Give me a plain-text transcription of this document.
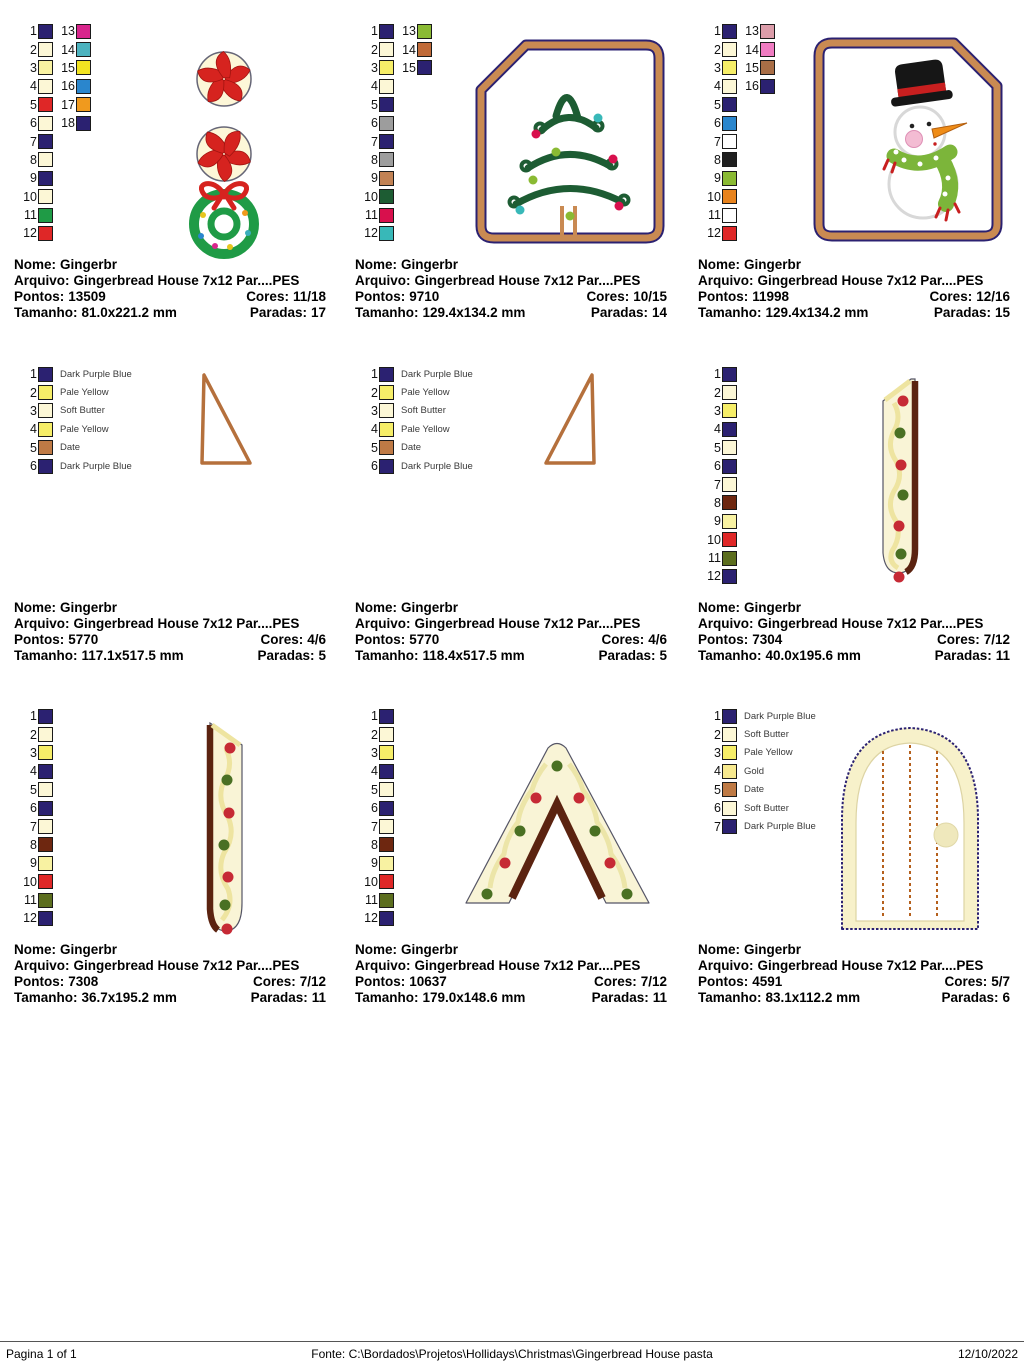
1
2
3
4
5
6
7
8
9
10
11
12
13
14
15
16
17
18
Nome: Gingerbr
Arquivo: Gingerbread House 7x12 Par....PES
Pontos: 13509	Cores: 11/18
Tamanho: 81.0x221.2 mm	Paradas: 17
1
2
3
4
5
6
7
8
9
10
11
12
13
14
15
Nome: Gingerbr
Arquivo: Gingerbread House 7x12 Par....PES
Pontos: 9710	Cores: 10/15
Tamanho: 129.4x134.2 mm	Paradas: 14
1
2
3
4
5
6
7
8
9
10
11
12
13
14
15
16
Nome: Gingerbr
Arquivo: Gingerbread House 7x12 Par....PES
Pontos: 11998	Cores: 12/16
Tamanho: 129.4x134.2 mm	Paradas: 15
1 Dark Purple Blue
2 Pale Yellow
3 Soft Butter
4 Pale Yellow
5 Date
6 Dark Purple Blue
Nome: Gingerbr
Arquivo: Gingerbread House 7x12 Par....PES
Pontos: 5770	Cores: 4/6
Tamanho: 117.1x517.5 mm	Paradas: 5
1 Dark Purple Blue
2 Pale Yellow
3 Soft Butter
4 Pale Yellow
5 Date
6 Dark Purple Blue
Nome: Gingerbr
Arquivo: Gingerbread House 7x12 Par....PES
Pontos: 5770	Cores: 4/6
Tamanho: 118.4x517.5 mm	Paradas: 5
1
2
3
4
5
6
7
8
9
10
11
12
Nome: Gingerbr
Arquivo: Gingerbread House 7x12 Par....PES
Pontos: 7304	Cores: 7/12
Tamanho: 40.0x195.6 mm	Paradas: 11
1
2
3
4
5
6
7
8
9
10
11
12
Nome: Gingerbr
Arquivo: Gingerbread House 7x12 Par....PES
Pontos: 7308	Cores: 7/12
Tamanho: 36.7x195.2 mm	Paradas: 11
1
2
3
4
5
6
7
8
9
10
11
12
Nome: Gingerbr
Arquivo: Gingerbread House 7x12 Par....PES
Pontos: 10637	Cores: 7/12
Tamanho: 179.0x148.6 mm	Paradas: 11
1 Dark Purple Blue
2 Soft Butter
3 Pale Yellow
4 Gold
5 Date
6 Soft Butter
7 Dark Purple Blue
Nome: Gingerbr
Arquivo: Gingerbread House 7x12 Par....PES
Pontos: 4591	Cores: 5/7
Tamanho: 83.1x112.2 mm	Paradas: 6
Pagina 1 of 1	Fonte: C:\Bordados\Projetos\Hollidays\Christmas\Gingerbread House pasta	12/10/2022
